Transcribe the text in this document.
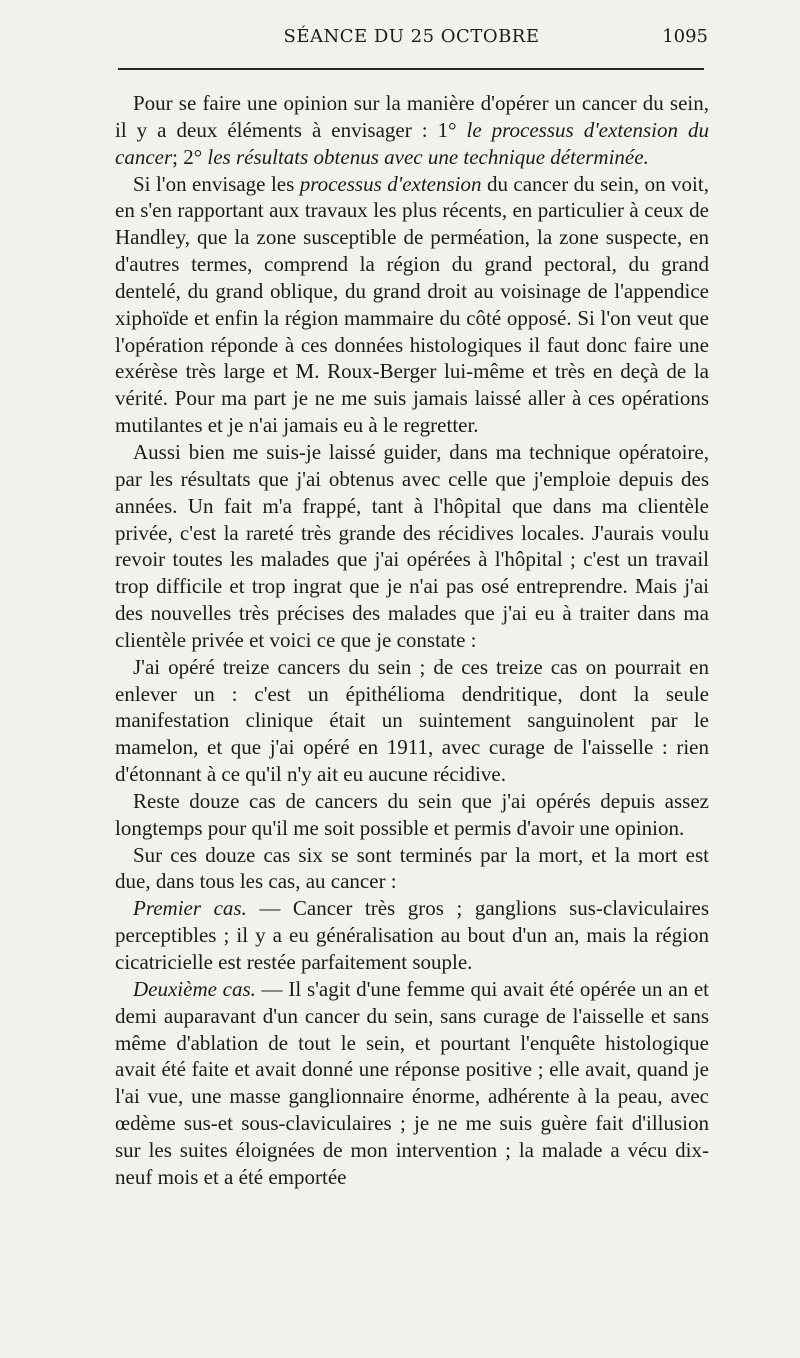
SÉANCE DU 25 OCTOBRE	1095

Pour se faire une opinion sur la manière d'opérer un cancer du sein, il y a deux éléments à envisager : 1° le processus d'extension du cancer; 2° les résultats obtenus avec une technique déterminée.

Si l'on envisage les processus d'extension du cancer du sein, on voit, en s'en rapportant aux travaux les plus récents, en particulier à ceux de Handley, que la zone susceptible de perméation, la zone suspecte, en d'autres termes, comprend la région du grand pectoral, du grand dentelé, du grand oblique, du grand droit au voisinage de l'appendice xiphoïde et enfin la région mammaire du côté opposé. Si l'on veut que l'opération réponde à ces données histologiques il faut donc faire une exérèse très large et M. Roux-Berger lui-même et très en deçà de la vérité. Pour ma part je ne me suis jamais laissé aller à ces opérations mutilantes et je n'ai jamais eu à le regretter.

Aussi bien me suis-je laissé guider, dans ma technique opératoire, par les résultats que j'ai obtenus avec celle que j'emploie depuis des années. Un fait m'a frappé, tant à l'hôpital que dans ma clientèle privée, c'est la rareté très grande des récidives locales. J'aurais voulu revoir toutes les malades que j'ai opérées à l'hôpital ; c'est un travail trop difficile et trop ingrat que je n'ai pas osé entreprendre. Mais j'ai des nouvelles très précises des malades que j'ai eu à traiter dans ma clientèle privée et voici ce que je constate :

J'ai opéré treize cancers du sein ; de ces treize cas on pourrait en enlever un : c'est un épithélioma dendritique, dont la seule manifestation clinique était un suintement sanguinolent par le mamelon, et que j'ai opéré en 1911, avec curage de l'aisselle : rien d'étonnant à ce qu'il n'y ait eu aucune récidive.

Reste douze cas de cancers du sein que j'ai opérés depuis assez longtemps pour qu'il me soit possible et permis d'avoir une opinion.

Sur ces douze cas six se sont terminés par la mort, et la mort est due, dans tous les cas, au cancer :

Premier cas. — Cancer très gros ; ganglions sus-claviculaires perceptibles ; il y a eu généralisation au bout d'un an, mais la région cicatricielle est restée parfaitement souple.

Deuxième cas. — Il s'agit d'une femme qui avait été opérée un an et demi auparavant d'un cancer du sein, sans curage de l'aisselle et sans même d'ablation de tout le sein, et pourtant l'enquête histologique avait été faite et avait donné une réponse positive ; elle avait, quand je l'ai vue, une masse ganglionnaire énorme, adhérente à la peau, avec œdème sus-et sous-claviculaires ; je ne me suis guère fait d'illusion sur les suites éloignées de mon intervention ; la malade a vécu dix-neuf mois et a été emportée
